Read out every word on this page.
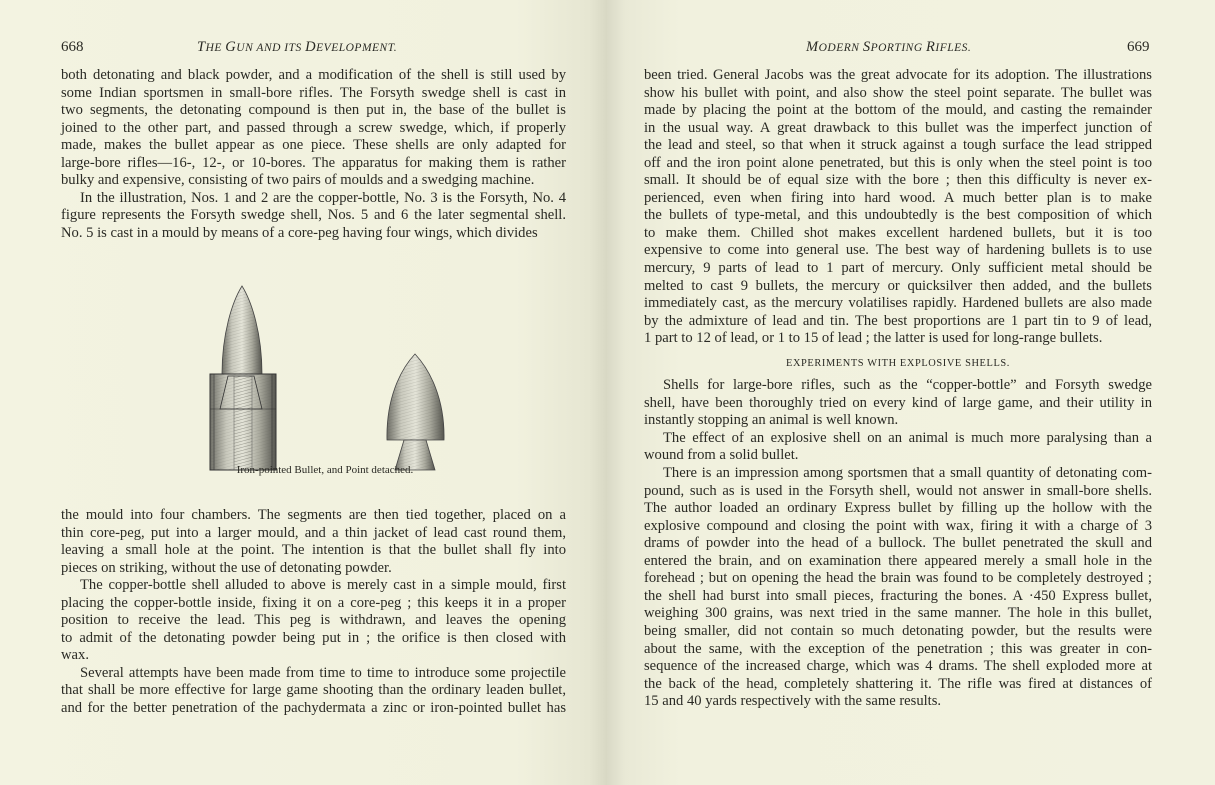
668	THE GUN AND ITS DEVELOPMENT.

both detonating and black powder, and a modification of the shell is still used by
some Indian sportsmen in small-bore rifles. The Forsyth swedge shell is cast in
two segments, the detonating compound is then put in, the base of the bullet is
joined to the other part, and passed through a screw swedge, which, if properly
made, makes the bullet appear as one piece. These shells are only adapted for
large-bore rifles—16-, 12-, or 10-bores. The apparatus for making them is rather
bulky and expensive, consisting of two pairs of moulds and a swedging machine.

In the illustration, Nos. 1 and 2 are the copper-bottle, No. 3 is the Forsyth, No. 4
figure represents the Forsyth swedge shell, Nos. 5 and 6 the later segmental shell.
No. 5 is cast in a mould by means of a core-peg having four wings, which divides

Iron-pointed Bullet, and Point detached.

the mould into four chambers. The segments are then tied together, placed on a
thin core-peg, put into a larger mould, and a thin jacket of lead cast round them,
leaving a small hole at the point. The intention is that the bullet shall fly into
pieces on striking, without the use of detonating powder.

The copper-bottle shell alluded to above is merely cast in a simple mould, first
placing the copper-bottle inside, fixing it on a core-peg ; this keeps it in a proper
position to receive the lead. This peg is withdrawn, and leaves the opening
to admit of the detonating powder being put in ; the orifice is then closed with
wax.

Several attempts have been made from time to time to introduce some projectile
that shall be more effective for large game shooting than the ordinary leaden bullet,
and for the better penetration of the pachydermata a zinc or iron-pointed bullet has

MODERN SPORTING RIFLES.	669

been tried. General Jacobs was the great advocate for its adoption. The illustrations
show his bullet with point, and also show the steel point separate. The bullet was
made by placing the point at the bottom of the mould, and casting the remainder
in the usual way. A great drawback to this bullet was the imperfect junction of
the lead and steel, so that when it struck against a tough surface the lead stripped
off and the iron point alone penetrated, but this is only when the steel point is too
small. It should be of equal size with the bore ; then this difficulty is never ex-
perienced, even when firing into hard wood. A much better plan is to make
the bullets of type-metal, and this undoubtedly is the best composition of which
to make them. Chilled shot makes excellent hardened bullets, but it is too
expensive to come into general use. The best way of hardening bullets is to use
mercury, 9 parts of lead to 1 part of mercury. Only sufficient metal should be
melted to cast 9 bullets, the mercury or quicksilver then added, and the bullets
immediately cast, as the mercury volatilises rapidly. Hardened bullets are also made
by the admixture of lead and tin. The best proportions are 1 part tin to 9 of lead,
1 part to 12 of lead, or 1 to 15 of lead ; the latter is used for long-range bullets.

EXPERIMENTS WITH EXPLOSIVE SHELLS.

Shells for large-bore rifles, such as the “copper-bottle” and Forsyth swedge
shell, have been thoroughly tried on every kind of large game, and their utility in
instantly stopping an animal is well known.

The effect of an explosive shell on an animal is much more paralysing than a
wound from a solid bullet.

There is an impression among sportsmen that a small quantity of detonating com-
pound, such as is used in the Forsyth shell, would not answer in small-bore shells.
The author loaded an ordinary Express bullet by filling up the hollow with the
explosive compound and closing the point with wax, firing it with a charge of 3
drams of powder into the head of a bullock. The bullet penetrated the skull and
entered the brain, and on examination there appeared merely a small hole in the
forehead ; but on opening the head the brain was found to be completely destroyed ;
the shell had burst into small pieces, fracturing the bones. A ·450 Express bullet,
weighing 300 grains, was next tried in the same manner. The hole in this bullet,
being smaller, did not contain so much detonating powder, but the results were
about the same, with the exception of the penetration ; this was greater in con-
sequence of the increased charge, which was 4 drams. The shell exploded more at
the back of the head, completely shattering it. The rifle was fired at distances of
15 and 40 yards respectively with the same results.
